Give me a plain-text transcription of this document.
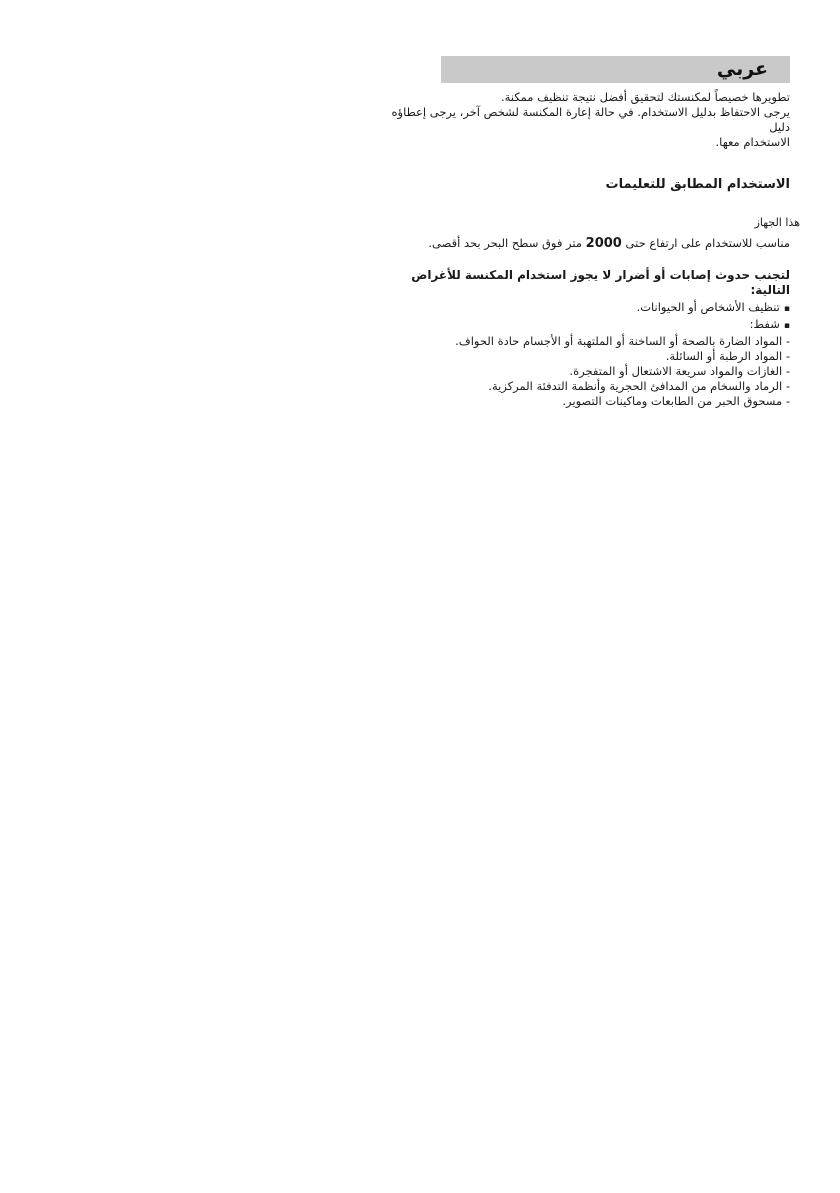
عربي

تطويرها خصيصاً لمكنستك لتحقيق أفضل نتيجة تنظيف ممكنة.

يرجى الاحتفاظ بدليل الاستخدام. في حالة إعارة المكنسة لشخص آخر، يرجى إعطاؤه دليل

الاستخدام معها.

الاستخدام المطابق للتعليمات

هذا الجهاز

مناسب للاستخدام على ارتفاع حتى 2000 متر فوق سطح البحر بحد أقصى.

لتجنب حدوث إصابات أو أضرار لا يجوز استخدام المكنسة للأغراض التالية:

▪ تنظيف الأشخاص أو الحيوانات.

▪ شفط:

- المواد الضارة بالصحة أو الساخنة أو الملتهبة أو الأجسام حادة الحواف.

- المواد الرطبة أو السائلة.

- الغازات والمواد سريعة الاشتعال أو المتفجرة.

- الرماد والسخام من المدافئ الحجرية وأنظمة التدفئة المركزية.

- مسحوق الحبر من الطابعات وماكينات التصوير.
